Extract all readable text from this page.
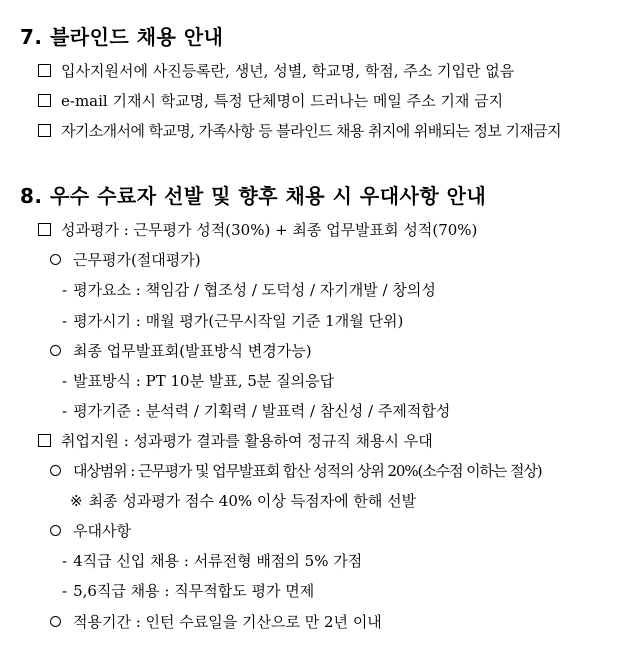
7. 블라인드 채용 안내
입사지원서에 사진등록란, 생년, 성별, 학교명, 학점, 주소 기입란 없음
e-mail 기재시 학교명, 특정 단체명이 드러나는 메일 주소 기재 금지
자기소개서에 학교명, 가족사항 등 블라인드 채용 취지에 위배되는 정보 기재금지
8. 우수 수료자 선발 및 향후 채용 시 우대사항 안내
성과평가 : 근무평가 성적(30%) + 최종 업무발표회 성적(70%)
근무평가(절대평가)
- 평가요소 : 책임감 / 협조성 / 도덕성 / 자기개발 / 창의성
- 평가시기 : 매월 평가(근무시작일 기준 1개월 단위)
최종 업무발표회(발표방식 변경가능)
- 발표방식 : PT 10분 발표, 5분 질의응답
- 평가기준 : 분석력 / 기획력 / 발표력 / 참신성 / 주제적합성
취업지원 : 성과평가 결과를 활용하여 정규직 채용시 우대
대상범위 : 근무평가 및 업무발표회 합산 성적의 상위 20%(소수점 이하는 절상)
※ 최종 성과평가 점수 40% 이상 득점자에 한해 선발
우대사항
- 4직급 신입 채용 : 서류전형 배점의 5% 가점
- 5,6직급 채용 : 직무적합도 평가 면제
적용기간 : 인턴 수료일을 기산으로 만 2년 이내
